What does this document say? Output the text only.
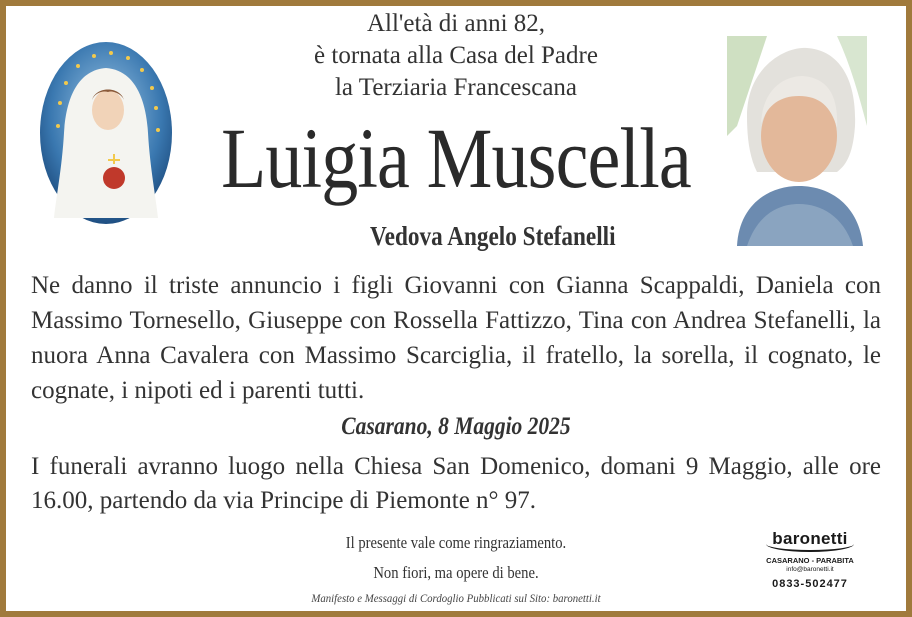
All'età di anni 82,
è tornata alla Casa del Padre
la Terziaria Francescana
Luigia Muscella
Vedova Angelo Stefanelli
Ne danno il triste annuncio i figli Giovanni con Gianna Scappaldi, Daniela con Massimo Tornesello, Giuseppe con Rossella Fattizzo, Tina con Andrea Stefanelli, la nuora Anna Cavalera con Massimo Scarciglia, il fratello, la sorella, il cognato, le cognate, i nipoti ed i parenti tutti.
Casarano, 8 Maggio 2025
I funerali avranno luogo nella Chiesa San Domenico, domani 9 Maggio, alle ore 16.00, partendo da via Principe di Piemonte n° 97.
Il presente vale come ringraziamento.
Non fiori, ma opere di bene.
Manifesto e Messaggi di Cordoglio Pubblicati sul Sito: baronetti.it
baronetti
CASARANO - PARABITA
info@baronetti.it
0833-502477
